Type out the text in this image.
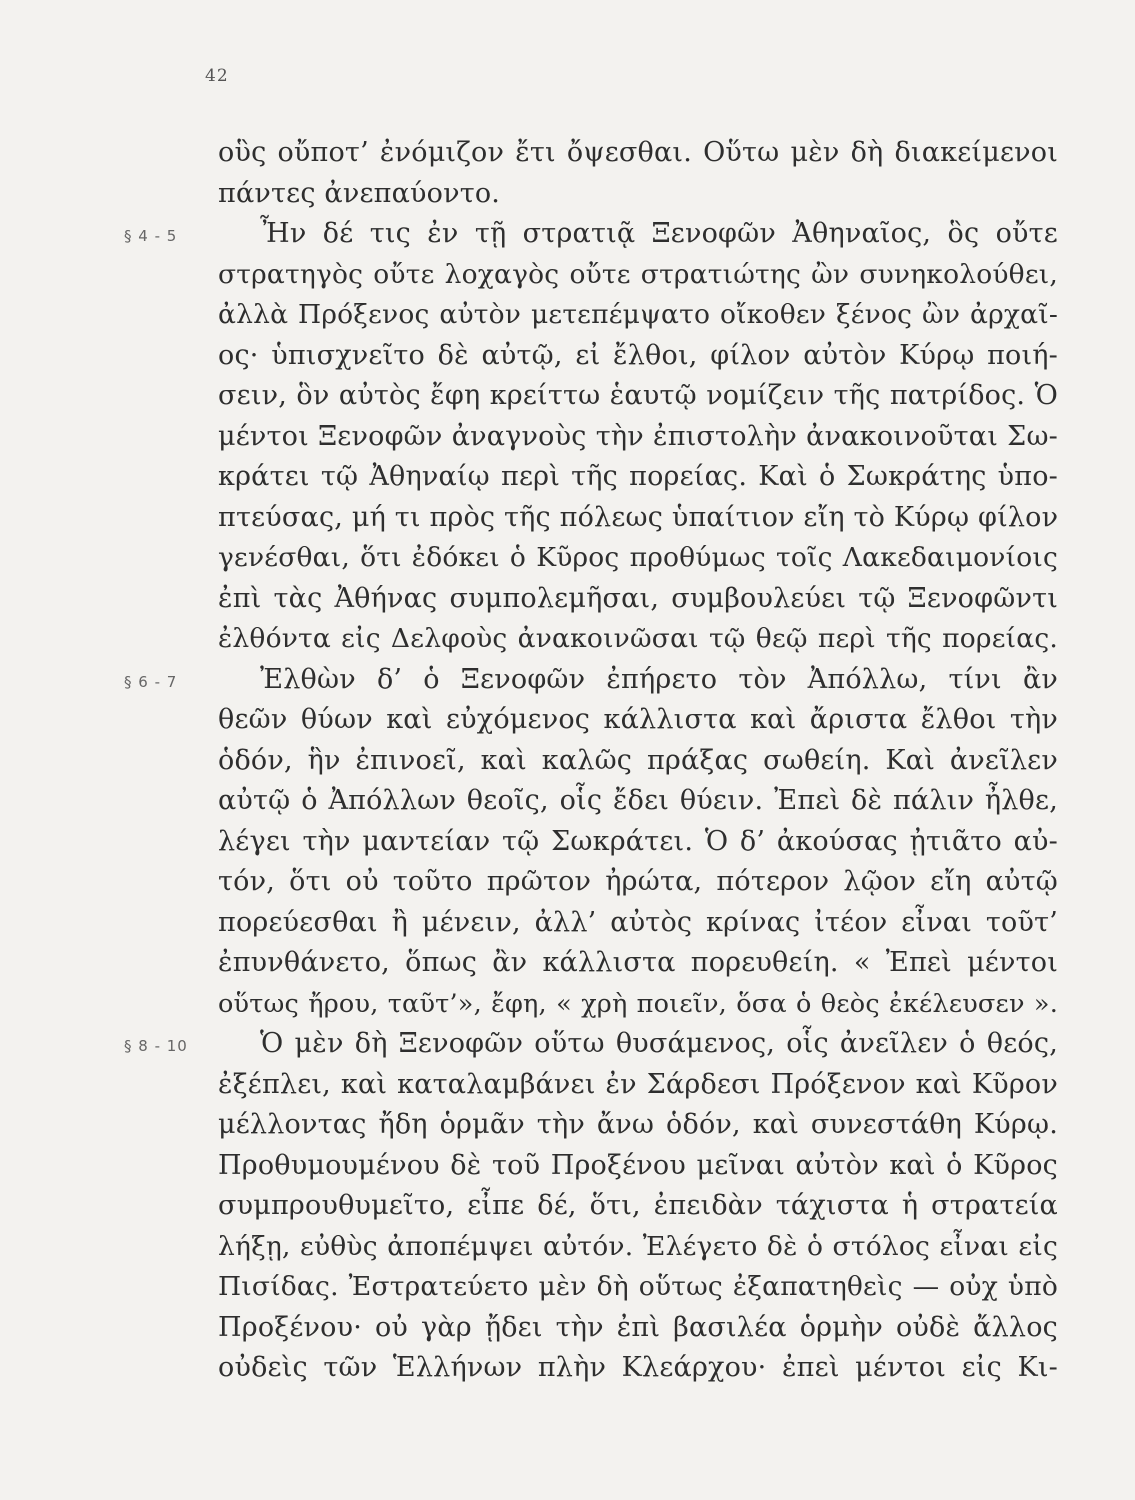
42
οὓς οὔποτ’ ἐνόμιζον ἔτι ὄψεσθαι. Οὕτω μὲν δὴ διακείμενοι
πάντες ἀνεπαύοντο.
§ 4 - 5	Ἦν δέ τις ἐν τῇ στρατιᾷ Ξενοφῶν Ἀθηναῖος, ὃς οὔτε
στρατηγὸς οὔτε λοχαγὸς οὔτε στρατιώτης ὢν συνηκολούθει,
ἀλλὰ Πρόξενος αὐτὸν μετεπέμψατο οἴκοθεν ξένος ὢν ἀρχαῖ-
ος· ὑπισχνεῖτο δὲ αὐτῷ, εἰ ἔλθοι, φίλον αὐτὸν Κύρῳ ποιή-
σειν, ὃν αὐτὸς ἔφη κρείττω ἑαυτῷ νομίζειν τῆς πατρίδος. Ὁ
μέντοι Ξενοφῶν ἀναγνοὺς τὴν ἐπιστολὴν ἀνακοινοῦται Σω-
κράτει τῷ Ἀθηναίῳ περὶ τῆς πορείας. Καὶ ὁ Σωκράτης ὑπο-
πτεύσας, μή τι πρὸς τῆς πόλεως ὑπαίτιον εἴη τὸ Κύρῳ φίλον
γενέσθαι, ὅτι ἐδόκει ὁ Κῦρος προθύμως τοῖς Λακεδαιμονίοις
ἐπὶ τὰς Ἀθήνας συμπολεμῆσαι, συμβουλεύει τῷ Ξενοφῶντι
ἐλθόντα εἰς Δελφοὺς ἀνακοινῶσαι τῷ θεῷ περὶ τῆς πορείας.
§ 6 - 7	Ἐλθὼν δ’ ὁ Ξενοφῶν ἐπήρετο τὸν Ἀπόλλω, τίνι ἂν
θεῶν θύων καὶ εὐχόμενος κάλλιστα καὶ ἄριστα ἔλθοι τὴν
ὁδόν, ἣν ἐπινοεῖ, καὶ καλῶς πράξας σωθείη. Καὶ ἀνεῖλεν
αὐτῷ ὁ Ἀπόλλων θεοῖς, οἷς ἔδει θύειν. Ἐπεὶ δὲ πάλιν ἦλθε,
λέγει τὴν μαντείαν τῷ Σωκράτει. Ὁ δ’ ἀκούσας ᾐτιᾶτο αὐ-
τόν, ὅτι οὐ τοῦτο πρῶτον ἠρώτα, πότερον λῷον εἴη αὐτῷ
πορεύεσθαι ἢ μένειν, ἀλλ’ αὐτὸς κρίνας ἰτέον εἶναι τοῦτ’
ἐπυνθάνετο, ὅπως ἂν κάλλιστα πορευθείη. « Ἐπεὶ μέντοι
οὕτως ἤρου, ταῦτ’», ἔφη, « χρὴ ποιεῖν, ὅσα ὁ θεὸς ἐκέλευσεν ».
§ 8 - 10	Ὁ μὲν δὴ Ξενοφῶν οὕτω θυσάμενος, οἷς ἀνεῖλεν ὁ θεός,
ἐξέπλει, καὶ καταλαμβάνει ἐν Σάρδεσι Πρόξενον καὶ Κῦρον
μέλλοντας ἤδη ὁρμᾶν τὴν ἄνω ὁδόν, καὶ συνεστάθη Κύρῳ.
Προθυμουμένου δὲ τοῦ Προξένου μεῖναι αὐτὸν καὶ ὁ Κῦρος
συμπρουθυμεῖτο, εἶπε δέ, ὅτι, ἐπειδὰν τάχιστα ἡ στρατεία
λήξῃ, εὐθὺς ἀποπέμψει αὐτόν. Ἐλέγετο δὲ ὁ στόλος εἶναι εἰς
Πισίδας. Ἐστρατεύετο μὲν δὴ οὕτως ἐξαπατηθεὶς — οὐχ ὑπὸ
Προξένου· οὐ γὰρ ᾔδει τὴν ἐπὶ βασιλέα ὁρμὴν οὐδὲ ἄλλος
οὐδεὶς τῶν Ἑλλήνων πλὴν Κλεάρχου· ἐπεὶ μέντοι εἰς Κι-
